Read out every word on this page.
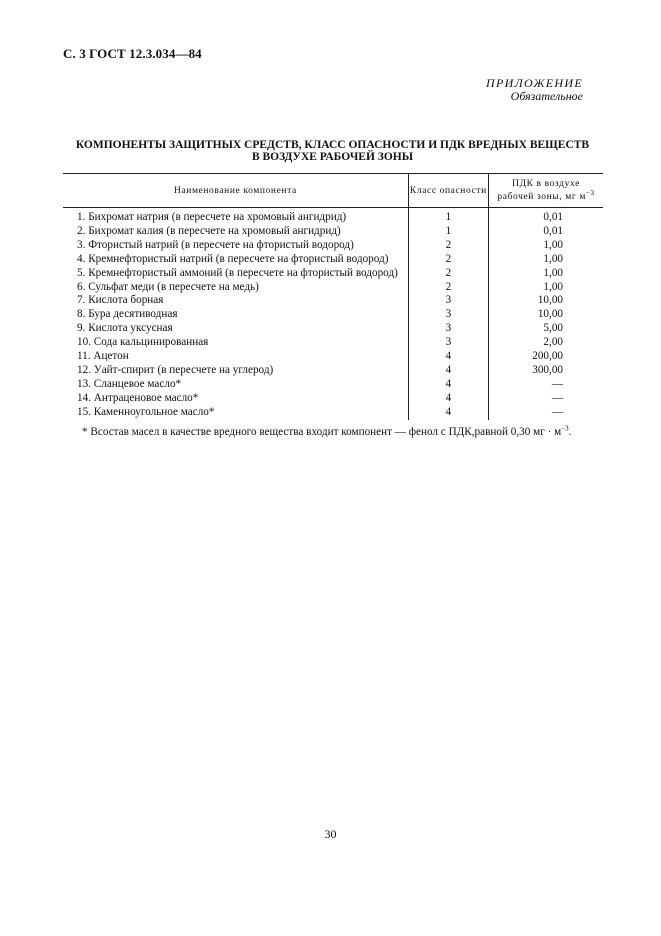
С. 3 ГОСТ 12.3.034—84
ПРИЛОЖЕНИЕ
Обязательное
КОМПОНЕНТЫ ЗАЩИТНЫХ СРЕДСТВ, КЛАСС ОПАСНОСТИ И ПДК ВРЕДНЫХ ВЕЩЕСТВ
В ВОЗДУХЕ РАБОЧЕЙ ЗОНЫ
Наименование компонента	Класс опасности	ПДК в воздухе
рабочей зоны, мг $м^{-3}$

1. Бихромат натрия (в пересчете на хромовый ангидрид)	1	0,01
2. Бихромат калия (в пересчете на хромовый ангидрид)	1	0,01
3. Фтористый натрий (в пересчете на фтористый водород)	2	1,00
4. Кремнефтористый натрий (в пересчете на фтористый водород)	2	1,00
5. Кремнефтористый аммоний (в пересчете на фтористый водород)	2	1,00
6. Сульфат меди (в пересчете на медь)	2	1,00
7. Кислота борная	3	10,00
8. Бура десятиводная	3	10,00
9. Кислота уксусная	3	5,00
10. Сода кальцинированная	3	2,00
11. Ацетон	4	200,00
12. Уайт-спирит (в пересчете на углерод)	4	300,00
13. Сланцевое масло*	4	—
14. Антраценовое масло*	4	—
15. Каменноугольное масло*	4	—
* Всостав масел в качестве вредного вещества входит компонент — фенол с ПДК,равной 0,30 мг · $м^{-3}$.
30
